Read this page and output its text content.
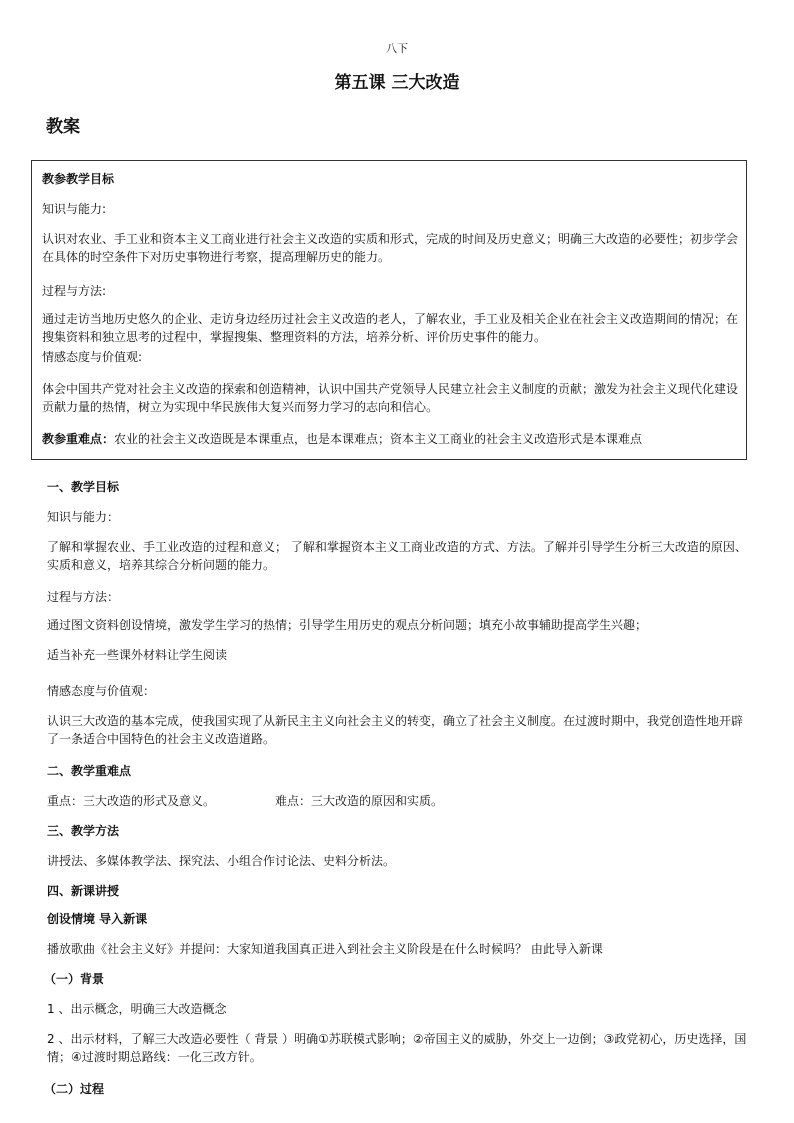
八下
第五课 三大改造
教案

教参教学目标

知识与能力:

认识对农业、手工业和资本主义工商业进行社会主义改造的实质和形式，完成的时间及历史意义；明确三大改造的必要性；初步学会在具体的时空条件下对历史事物进行考察，提高理解历史的能力。

过程与方法:

通过走访当地历史悠久的企业、走访身边经历过社会主义改造的老人，了解农业，手工业及相关企业在社会主义改造期间的情况；在搜集资料和独立思考的过程中，掌握搜集、整理资料的方法，培养分析、评价历史事件的能力。

情感态度与价值观:

体会中国共产党对社会主义改造的探索和创造精神，认识中国共产党领导人民建立社会主义制度的贡献；激发为社会主义现代化建设贡献力量的热情，树立为实现中华民族伟大复兴而努力学习的志向和信心。

教参重难点：农业的社会主义改造既是本课重点，也是本课难点；资本主义工商业的社会主义改造形式是本课难点

一、教学目标

知识与能力：

了解和掌握农业、手工业改造的过程和意义； 了解和掌握资本主义工商业改造的方式、方法。了解并引导学生分析三大改造的原因、实质和意义，培养其综合分析问题的能力。

过程与方法：

通过图文资料创设情境，激发学生学习的热情；引导学生用历史的观点分析问题；填充小故事辅助提高学生兴趣；

适当补充一些课外材料让学生阅读

情感态度与价值观：

认识三大改造的基本完成，使我国实现了从新民主主义向社会主义的转变，确立了社会主义制度。在过渡时期中，我党创造性地开辟了一条适合中国特色的社会主义改造道路。

二、教学重难点

重点：三大改造的形式及意义。	难点：三大改造的原因和实质。

三、教学方法

讲授法、多媒体教学法、探究法、小组合作讨论法、史料分析法。

四、新课讲授

创设情境 导入新课

播放歌曲《社会主义好》并提问：大家知道我国真正进入到社会主义阶段是在什么时候吗？ 由此导入新课

（一）背景

1 、出示概念，明确三大改造概念

2 、出示材料，了解三大改造必要性（ 背景 ）明确①苏联模式影响；②帝国主义的威胁，外交上一边倒；③政党初心，历史选择，国情；④过渡时期总路线：一化三改方针。

（二）过程
